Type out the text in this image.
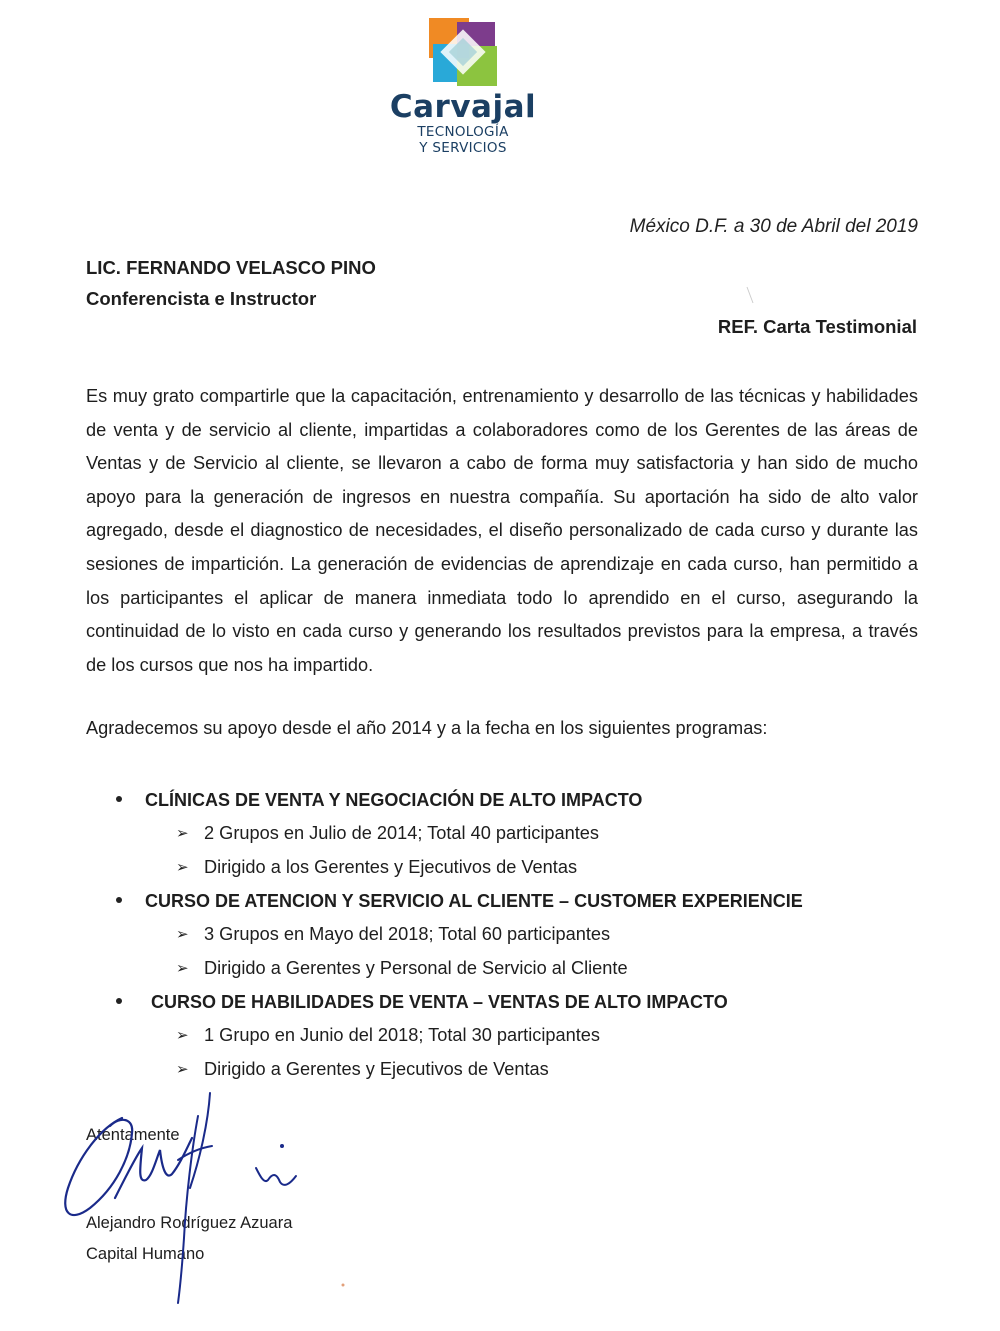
Carvajal
TECNOLOGÍA
Y SERVICIOS
México D.F. a 30 de Abril del 2019
LIC. FERNANDO VELASCO PINO
Conferencista e Instructor
REF. Carta Testimonial
Es muy grato compartirle que la capacitación, entrenamiento y desarrollo de las técnicas y habilidades de venta y de servicio al cliente, impartidas a colaboradores como de los Gerentes de las áreas de Ventas y de Servicio al cliente, se llevaron a cabo de forma muy satisfactoria y han sido de mucho apoyo para la generación de ingresos en nuestra compañía. Su aportación ha sido de alto valor agregado, desde el diagnostico de necesidades, el diseño personalizado de cada curso y durante las sesiones de impartición. La generación de evidencias de aprendizaje en cada curso, han permitido a los participantes el aplicar de manera inmediata todo lo aprendido en el curso, asegurando la continuidad de lo visto en cada curso y generando los resultados previstos para la empresa, a través de los cursos que nos ha impartido.
Agradecemos su apoyo desde el año 2014 y a la fecha en los siguientes programas:
CLÍNICAS DE VENTA Y NEGOCIACIÓN DE ALTO IMPACTO
➢ 2 Grupos en Julio de 2014; Total 40 participantes
➢ Dirigido a los Gerentes y Ejecutivos de Ventas
CURSO DE ATENCION Y SERVICIO AL CLIENTE – CUSTOMER EXPERIENCIE
➢ 3 Grupos en Mayo del 2018; Total 60 participantes
➢ Dirigido a Gerentes y Personal de Servicio al Cliente
CURSO DE HABILIDADES DE VENTA – VENTAS DE ALTO IMPACTO
➢ 1 Grupo en Junio del 2018; Total 30 participantes
➢ Dirigido a Gerentes y Ejecutivos de Ventas
Atentamente
Alejandro Rodríguez Azuara
Capital Humano
